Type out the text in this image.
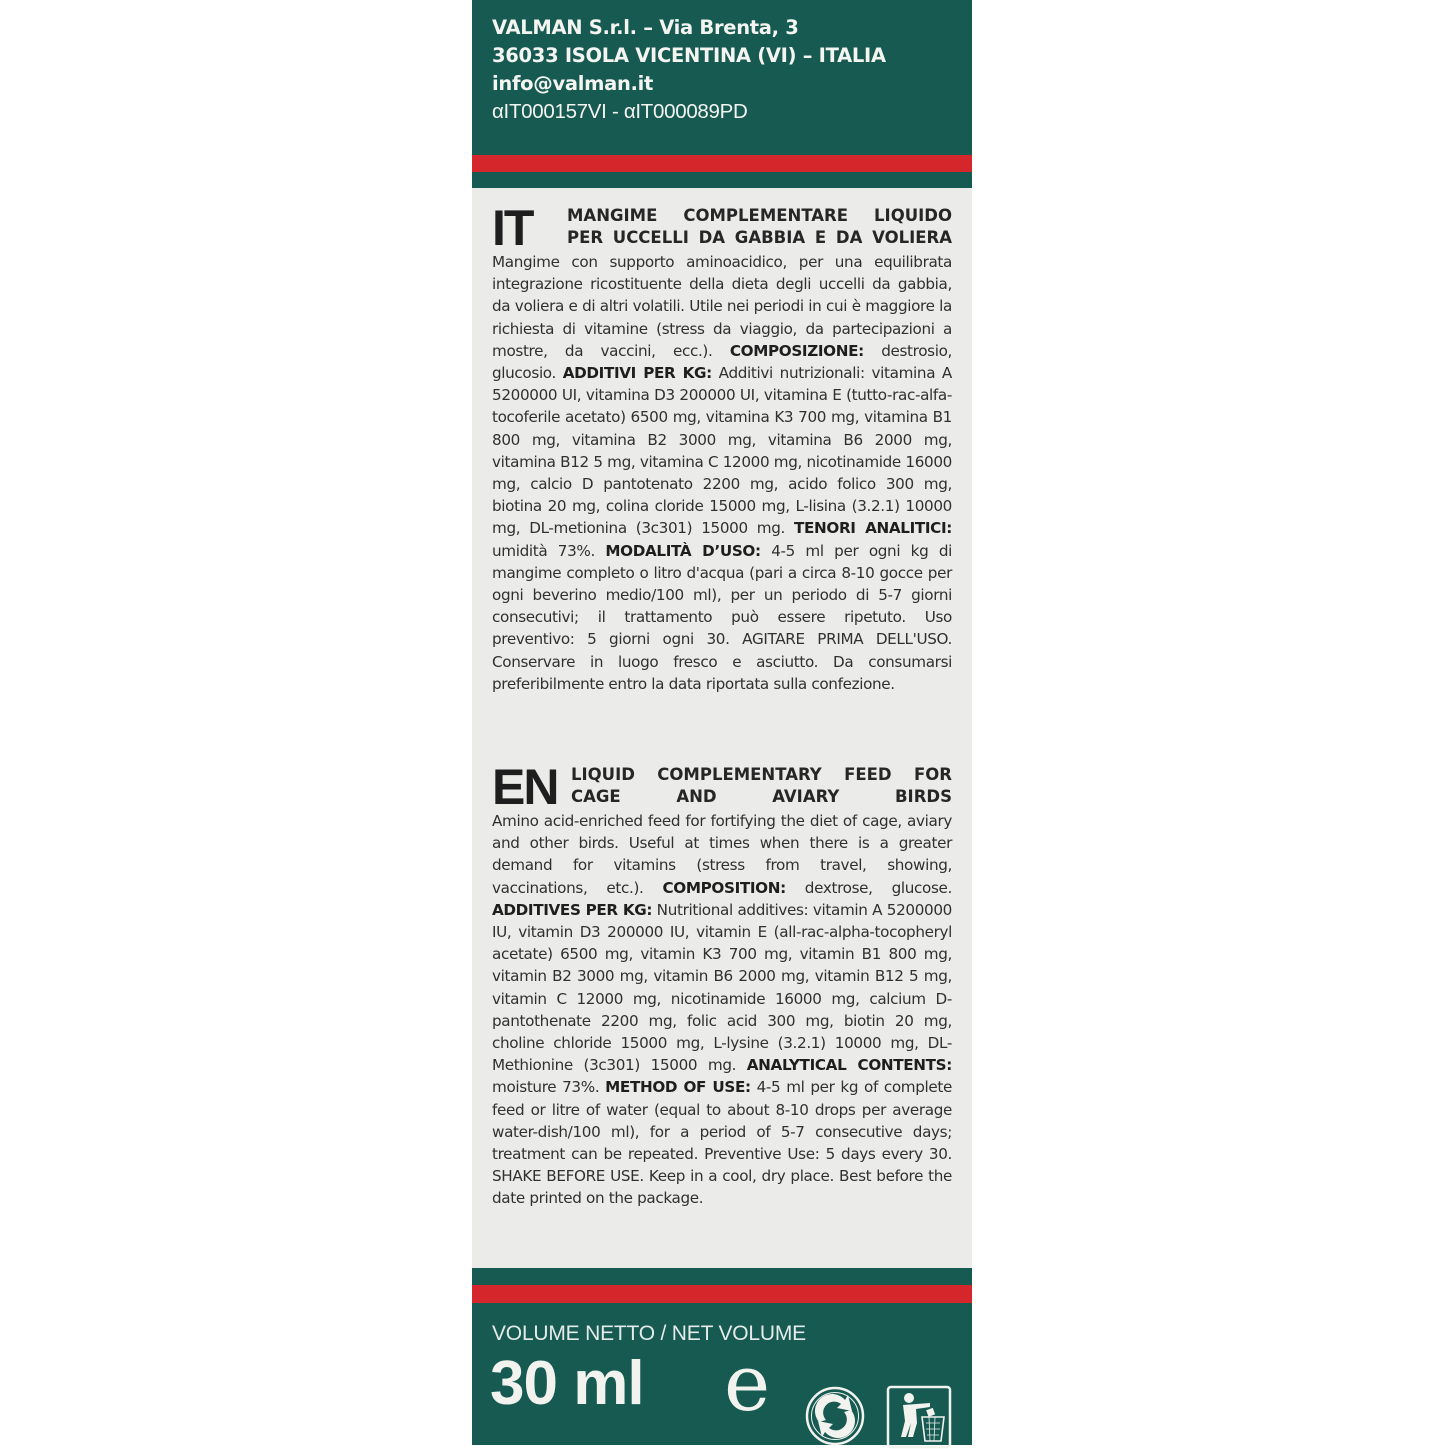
VALMAN S.r.l. – Via Brenta, 3
36033 ISOLA VICENTINA (VI) – ITALIA
info@valman.it
αIT000157VI - αIT000089PD
IT MANGIME COMPLEMENTARE LIQUIDO PER UCCELLI DA GABBIA E DA VOLIERA
Mangime con supporto aminoacidico, per una equilibrata integrazione ricostituente della dieta degli uccelli da gabbia, da voliera e di altri volatili. Utile nei periodi in cui è maggiore la richiesta di vitamine (stress da viaggio, da partecipazioni a mostre, da vaccini, ecc.). COMPOSIZIONE: destrosio, glucosio. ADDITIVI PER KG: Additivi nutrizionali: vitamina A 5200000 UI, vitamina D3 200000 UI, vitamina E (tutto-rac-alfa-tocoferile acetato) 6500 mg, vitamina K3 700 mg, vitamina B1 800 mg, vitamina B2 3000 mg, vitamina B6 2000 mg, vitamina B12 5 mg, vitamina C 12000 mg, nicotinamide 16000 mg, calcio D pantotenato 2200 mg, acido folico 300 mg, biotina 20 mg, colina cloride 15000 mg, L-lisina (3.2.1) 10000 mg, DL-metionina (3c301) 15000 mg. TENORI ANALITICI: umidità 73%. MODALITÀ D’USO: 4-5 ml per ogni kg di mangime completo o litro d'acqua (pari a circa 8-10 gocce per ogni beverino medio/100 ml), per un periodo di 5-7 giorni consecutivi; il trattamento può essere ripetuto. Uso preventivo: 5 giorni ogni 30. AGITARE PRIMA DELL'USO. Conservare in luogo fresco e asciutto. Da consumarsi preferibilmente entro la data riportata sulla confezione.
EN LIQUID COMPLEMENTARY FEED FOR CAGE AND AVIARY BIRDS
Amino acid-enriched feed for fortifying the diet of cage, aviary and other birds. Useful at times when there is a greater demand for vitamins (stress from travel, showing, vaccinations, etc.). COMPOSITION: dextrose, glucose. ADDITIVES PER KG: Nutritional additives: vitamin A 5200000 IU, vitamin D3 200000 IU, vitamin E (all-rac-alpha-tocopheryl acetate) 6500 mg, vitamin K3 700 mg, vitamin B1 800 mg, vitamin B2 3000 mg, vitamin B6 2000 mg, vitamin B12 5 mg, vitamin C 12000 mg, nicotinamide 16000 mg, calcium D-pantothenate 2200 mg, folic acid 300 mg, biotin 20 mg, choline chloride 15000 mg, L-lysine (3.2.1) 10000 mg, DL-Methionine (3c301) 15000 mg. ANALYTICAL CONTENTS: moisture 73%. METHOD OF USE: 4-5 ml per kg of complete feed or litre of water (equal to about 8-10 drops per average water-dish/100 ml), for a period of 5-7 consecutive days; treatment can be repeated. Preventive Use: 5 days every 30. SHAKE BEFORE USE. Keep in a cool, dry place. Best before the date printed on the package.
VOLUME NETTO / NET VOLUME
30 ml e
